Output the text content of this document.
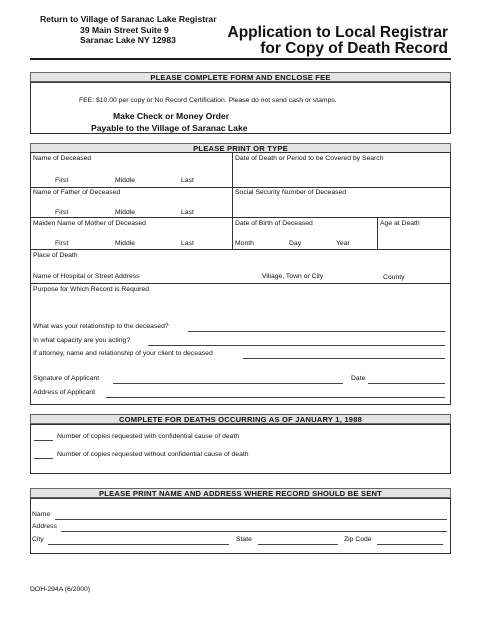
Return to Village of Saranac Lake Registrar
39 Main Street Suite 9
Saranac Lake NY 12983	Application to Local Registrar
for Copy of Death Record
PLEASE COMPLETE FORM AND ENCLOSE FEE
FEE: $10.00 per copy or No Record Certification. Please do not send cash or stamps.
Make Check or Money Order
Payable to the Village of Saranac Lake
PLEASE PRINT OR TYPE
Name of Deceased	Date of Death or Period to be Covered by Search
First	Middle	Last
Name of Father of Deceased	Social Security Number of Deceased
First	Middle	Last
Maiden Name of Mother of Deceased	Date of Birth of Deceased	Age at Death
First	Middle	Last	Month	Day	Year
Place of Death
Name of Hospital or Street Address	Village, Town or City	County
Purpose for Which Record is Required
What was your relationship to the deceased?
In what capacity are you acting?
If attorney, name and relationship of your client to deceased
Signature of Applicant	Date
Address of Applicant
COMPLETE FOR DEATHS OCCURRING AS OF JANUARY 1, 1988
Number of copies requested with confidential cause of death
Number of copies requested without confidential cause of death
PLEASE PRINT NAME AND ADDRESS WHERE RECORD SHOULD BE SENT
Name
Address
City	State	Zip Code
DOH-294A (6/2000)
